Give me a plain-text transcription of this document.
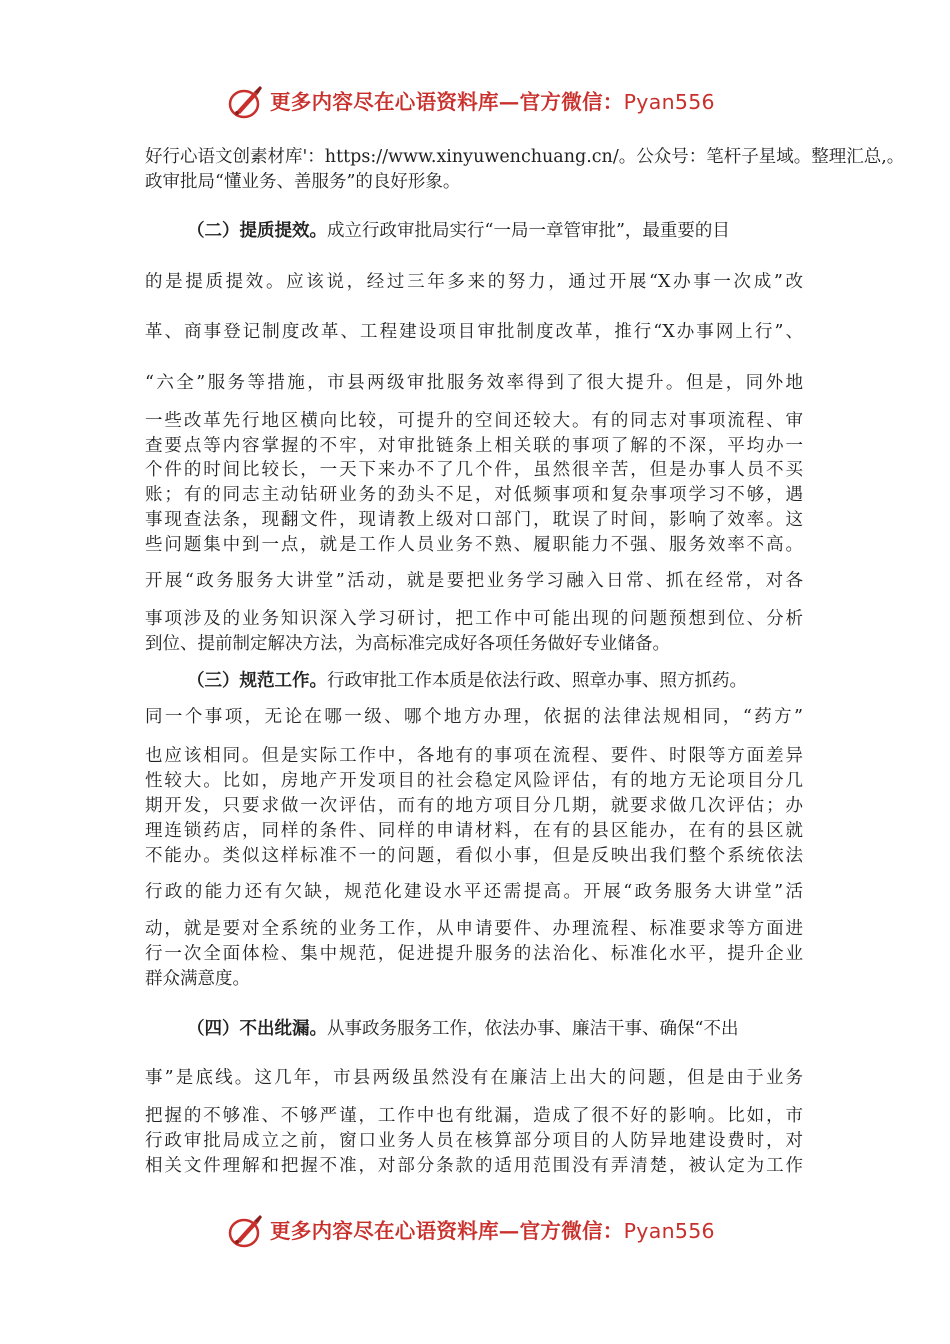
更多内容尽在心语资料库—官方微信：Pyan556
好行心语文创素材库'：https://www.xinyuwenchuang.cn/。公众号：笔杆子星域。整理汇总,。
政审批局“懂业务、善服务”的良好形象。
（二）提质提效。成立行政审批局实行“一局一章管审批”，最重要的目
的是提质提效。应该说，经过三年多来的努力，通过开展“X办事一次成”改
革、商事登记制度改革、工程建设项目审批制度改革，推行“X办事网上行”、
“六全”服务等措施，市县两级审批服务效率得到了很大提升。但是，同外地
一些改革先行地区横向比较，可提升的空间还较大。有的同志对事项流程、审
查要点等内容掌握的不牢，对审批链条上相关联的事项了解的不深，平均办一
个件的时间比较长，一天下来办不了几个件，虽然很辛苦，但是办事人员不买
账；有的同志主动钻研业务的劲头不足，对低频事项和复杂事项学习不够，遇
事现查法条，现翻文件，现请教上级对口部门，耽误了时间，影响了效率。这
些问题集中到一点，就是工作人员业务不熟、履职能力不强、服务效率不高。
开展“政务服务大讲堂”活动，就是要把业务学习融入日常、抓在经常，对各
事项涉及的业务知识深入学习研讨，把工作中可能出现的问题预想到位、分析
到位、提前制定解决方法，为高标准完成好各项任务做好专业储备。
（三）规范工作。行政审批工作本质是依法行政、照章办事、照方抓药。
同一个事项，无论在哪一级、哪个地方办理，依据的法律法规相同，“药方”
也应该相同。但是实际工作中，各地有的事项在流程、要件、时限等方面差异
性较大。比如，房地产开发项目的社会稳定风险评估，有的地方无论项目分几
期开发，只要求做一次评估，而有的地方项目分几期，就要求做几次评估；办
理连锁药店，同样的条件、同样的申请材料，在有的县区能办，在有的县区就
不能办。类似这样标准不一的问题，看似小事，但是反映出我们整个系统依法
行政的能力还有欠缺，规范化建设水平还需提高。开展“政务服务大讲堂”活
动，就是要对全系统的业务工作，从申请要件、办理流程、标准要求等方面进
行一次全面体检、集中规范，促进提升服务的法治化、标准化水平，提升企业
群众满意度。
（四）不出纰漏。从事政务服务工作，依法办事、廉洁干事、确保“不出
事”是底线。这几年，市县两级虽然没有在廉洁上出大的问题，但是由于业务
把握的不够准、不够严谨，工作中也有纰漏，造成了很不好的影响。比如，市
行政审批局成立之前，窗口业务人员在核算部分项目的人防异地建设费时，对
相关文件理解和把握不准，对部分条款的适用范围没有弄清楚，被认定为工作
更多内容尽在心语资料库—官方微信：Pyan556
